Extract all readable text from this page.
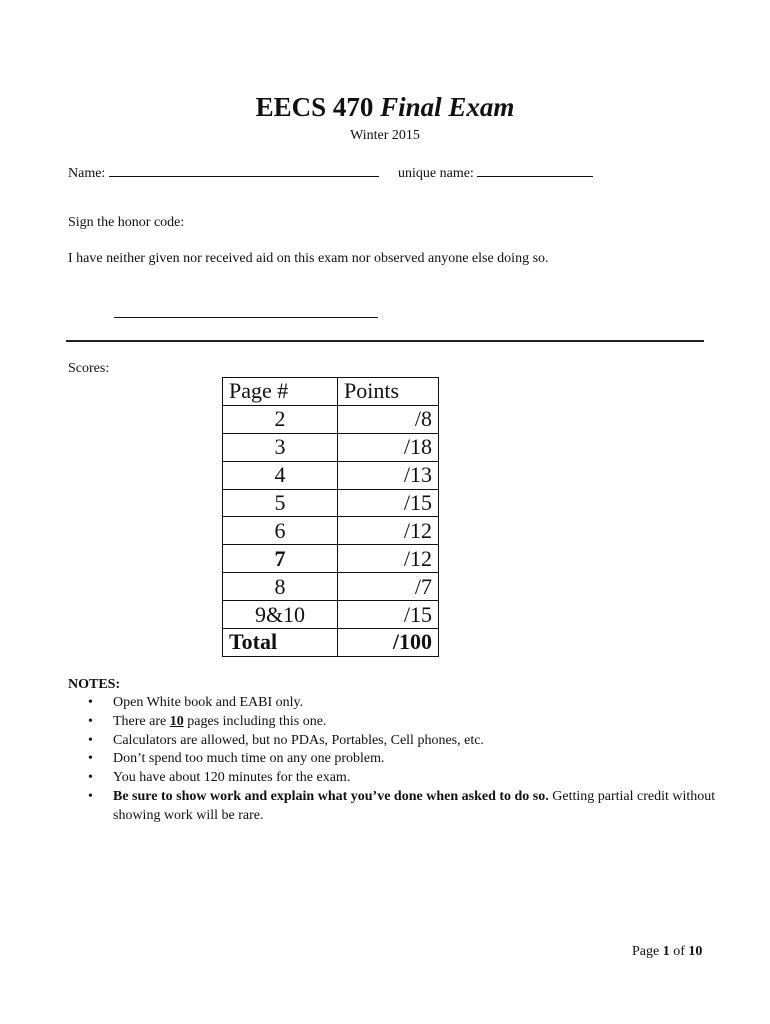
EECS 470 Final Exam
Winter 2015
Name:	unique name:
Sign the honor code:
I have neither given nor received aid on this exam nor observed anyone else doing so.
Scores:
Page #	Points
2	/8
3	/18
4	/13
5	/15
6	/12
7	/12
8	/7
9&10	/15
Total	/100
NOTES:
• Open White book and EABI only.
• There are 10 pages including this one.
• Calculators are allowed, but no PDAs, Portables, Cell phones, etc.
• Don’t spend too much time on any one problem.
• You have about 120 minutes for the exam.
• Be sure to show work and explain what you’ve done when asked to do so. Getting partial credit without showing work will be rare.
Page 1 of 10
